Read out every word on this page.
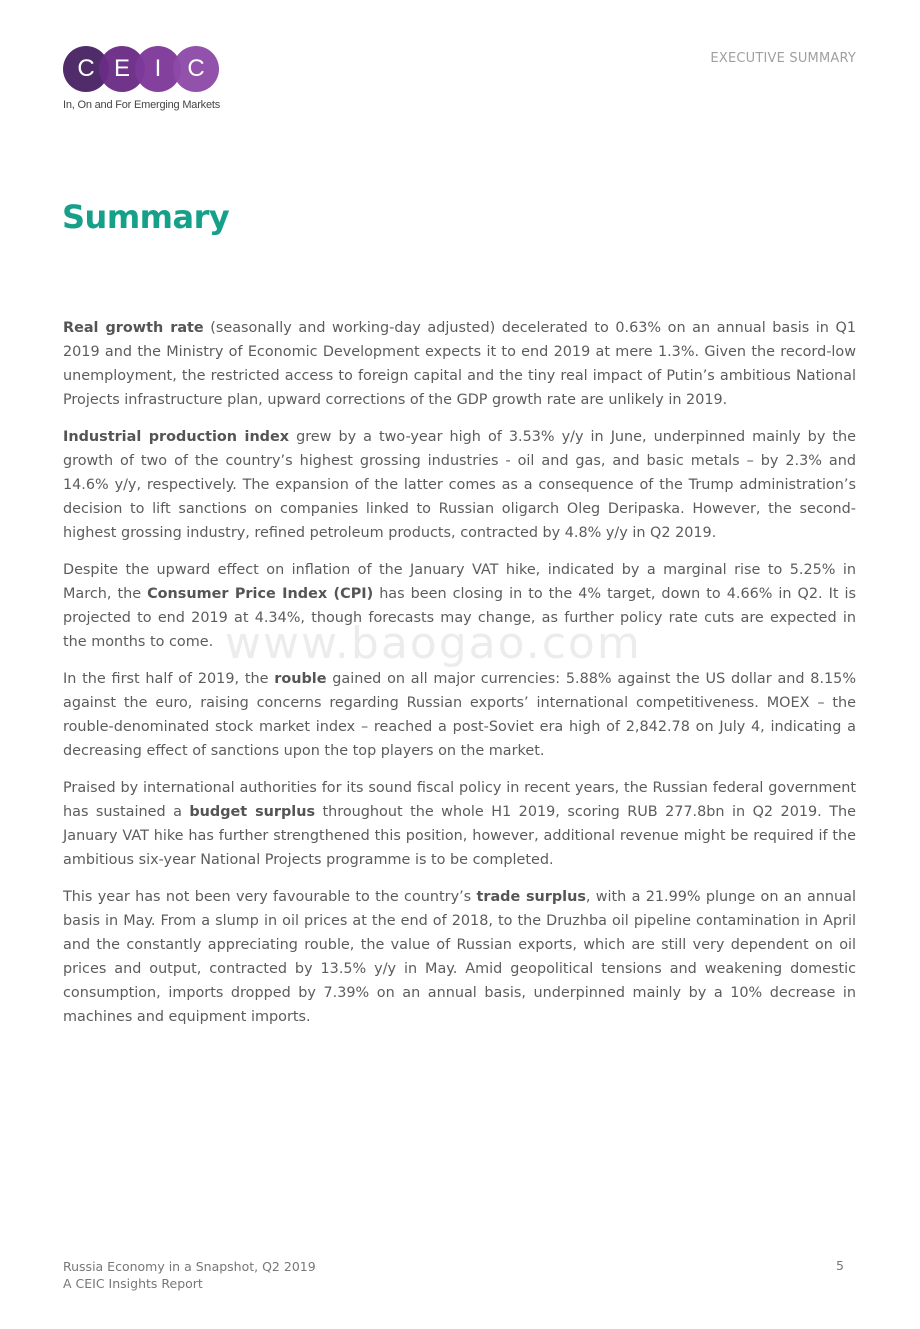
C E	I	C
In, On and For Emerging Markets
EXECUTIVE SUMMARY
Summary

Real growth rate (seasonally and working-day adjusted) decelerated to 0.63% on an annual basis in Q1 2019 and the Ministry of Economic Development expects it to end 2019 at mere 1.3%. Given the record-low unemployment, the restricted access to foreign capital and the tiny real impact of Putin’s ambitious National Projects infrastructure plan, upward corrections of the GDP growth rate are unlikely in 2019.

Industrial production index grew by a two-year high of 3.53% y/y in June, underpinned mainly by the growth of two of the country’s highest grossing industries - oil and gas, and basic metals – by 2.3% and 14.6% y/y, respectively. The expansion of the latter comes as a consequence of the Trump administration’s decision to lift sanctions on companies linked to Russian oligarch Oleg Deripaska. However, the second-highest grossing industry, refined petroleum products, contracted by 4.8% y/y in Q2 2019.

Despite the upward effect on inflation of the January VAT hike, indicated by a marginal rise to 5.25% in March, the Consumer Price Index (CPI) has been closing in to the 4% target, down to 4.66% in Q2. It is projected to end 2019 at 4.34%, though forecasts may change, as further policy rate cuts are expected in the months to come.

In the first half of 2019, the rouble gained on all major currencies: 5.88% against the US dollar and 8.15% against the euro, raising concerns regarding Russian exports’ international competitiveness. MOEX – the rouble-denominated stock market index – reached a post-Soviet era high of 2,842.78 on July 4, indicating a decreasing effect of sanctions upon the top players on the market.

Praised by international authorities for its sound fiscal policy in recent years, the Russian federal government has sustained a budget surplus throughout the whole H1 2019, scoring RUB 277.8bn in Q2 2019. The January VAT hike has further strengthened this position, however, additional revenue might be required if the ambitious six-year National Projects programme is to be completed.

This year has not been very favourable to the country’s trade surplus, with a 21.99% plunge on an annual basis in May. From a slump in oil prices at the end of 2018, to the Druzhba oil pipeline contamination in April and the constantly appreciating rouble, the value of Russian exports, which are still very dependent on oil prices and output, contracted by 13.5% y/y in May. Amid geopolitical tensions and weakening domestic consumption, imports dropped by 7.39% on an annual basis, underpinned mainly by a 10% decrease in machines and equipment imports.

www.baogao.com
Russia Economy in a Snapshot, Q2 2019
A CEIC Insights Report
5
